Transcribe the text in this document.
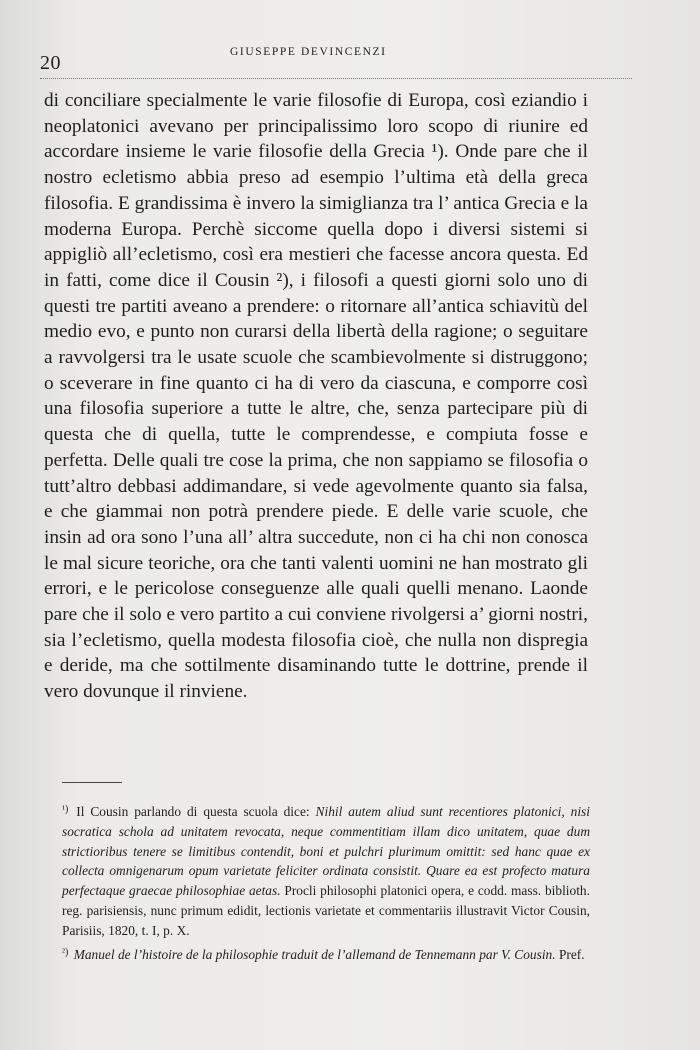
20	GIUSEPPE DEVINCENZI

di conciliare specialmente le varie filosofie di Europa, così eziandio i neoplatonici avevano per principalissimo loro scopo di riunire ed accordare insieme le varie filosofie della Grecia ¹). Onde pare che il nostro ecletismo abbia preso ad esempio l’ultima età della greca filosofia. E grandissima è invero la simiglianza tra l’ antica Grecia e la moderna Europa. Perchè siccome quella dopo i diversi sistemi si appigliò all’ecletismo, così era mestieri che facesse ancora questa. Ed in fatti, come dice il Cousin ²), i filosofi a questi giorni solo uno di questi tre partiti aveano a prendere: o ritornare all’antica schiavitù del medio evo, e punto non curarsi della libertà della ragione; o seguitare a ravvolgersi tra le usate scuole che scambievolmente si distruggono; o sceverare in fine quanto ci ha di vero da ciascuna, e comporre così una filosofia superiore a tutte le altre, che, senza partecipare più di questa che di quella, tutte le comprendesse, e compiuta fosse e perfetta. Delle quali tre cose la prima, che non sappiamo se filosofia o tutt’altro debbasi addimandare, si vede agevolmente quanto sia falsa, e che giammai non potrà prendere piede. E delle varie scuole, che insin ad ora sono l’una all’ altra succedute, non ci ha chi non conosca le mal sicure teoriche, ora che tanti valenti uomini ne han mostrato gli errori, e le pericolose conseguenze alle quali quelli menano. Laonde pare che il solo e vero partito a cui conviene rivolgersi a’ giorni nostri, sia l’ecletismo, quella modesta filosofia cioè, che nulla non dispregia e deride, ma che sottilmente disaminando tutte le dottrine, prende il vero dovunque il rinviene.

$^{^1)}$ Il Cousin parlando di questa scuola dice: Nihil autem aliud sunt recentiores platonici, nisi socratica schola ad unitatem revocata, neque commentitiam illam dico unitatem, quae dum strictioribus tenere se limitibus contendit, boni et pulchri plurimum omittit: sed hanc quae ex collecta omnigenarum opum varietate feliciter ordinata consistit. Quare ea est profecto matura perfectaque graecae philosophiae aetas. Procli philosophi platonici opera, e codd. mass. biblioth. reg. parisiensis, nunc primum edidit, lectionis varietate et commentariis illustravit Victor Cousin, Parisiis, 1820, t. I, p. X.

$^{^2)}$ Manuel de l’histoire de la philosophie traduit de l’allemand de Tennemann par V. Cousin. Pref.
